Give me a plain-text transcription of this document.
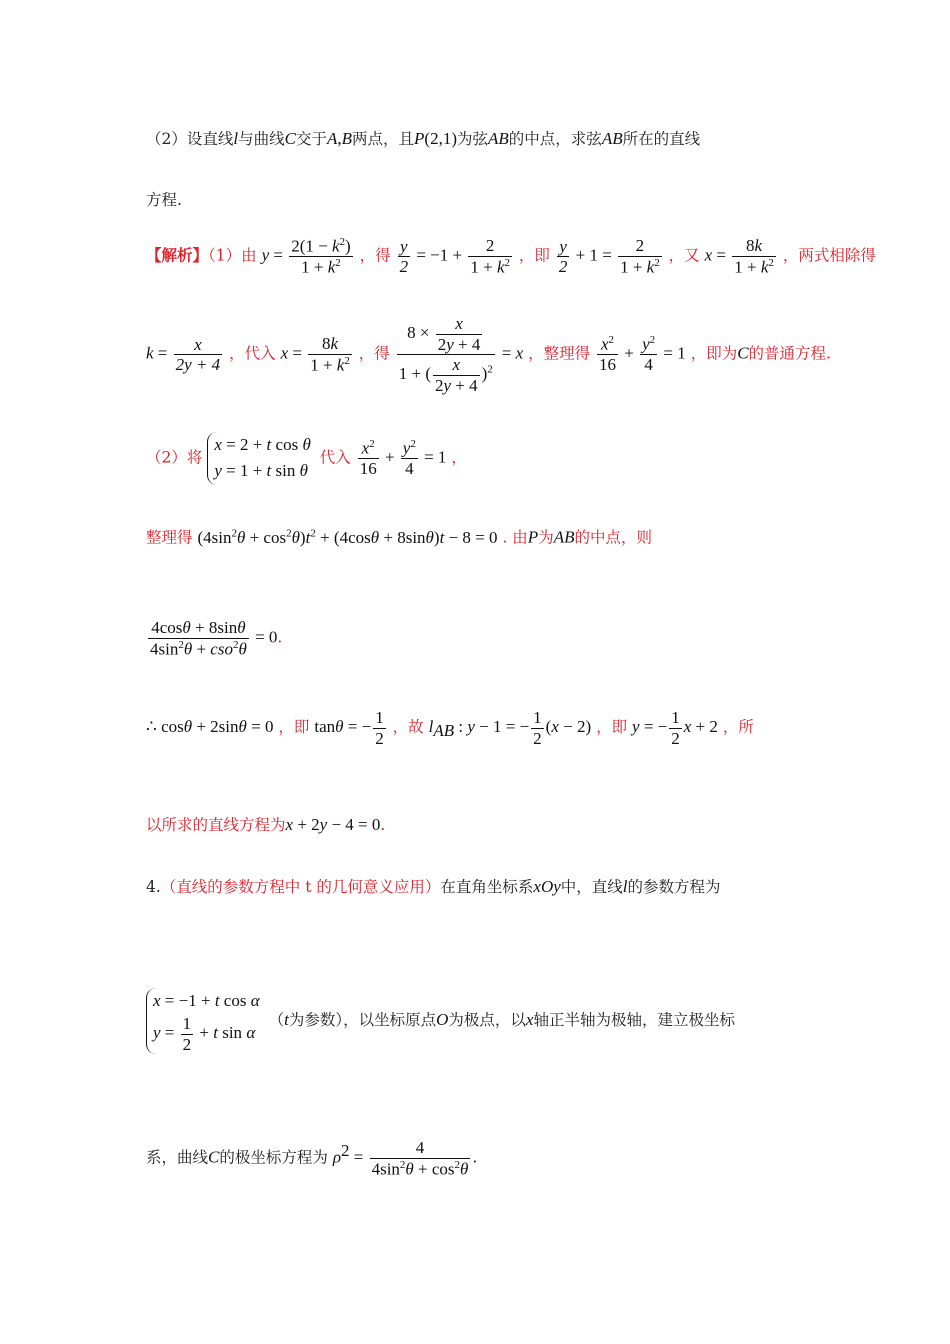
（2）设直线l与曲线C交于A,B两点，且P(2,1)为弦AB的中点，求弦AB所在的直线
方程.
【解析】（1）由 $y = \frac{2(1 - k^2)}{1 + k^2}$ ，得 $\frac{y}{2} = -1 + \frac{2}{1 + k^2}$ ，即 $\frac{y}{2} + 1 = \frac{2}{1 + k^2}$ ，又 $x = \frac{8k}{1 + k^2}$ ，两式相除得
$k = \frac{x}{2y + 4}$ ，代入 $x = \frac{8k}{1 + k^2}$ ，得 $\frac{8 \times \frac{x}{2y + 4}}{1 + ( \frac{x}{2y + 4} )^2} = x$ ，整理得 $\frac{x^2}{16} + \frac{y^2}{4} = 1$ ，即为C的普通方程.
（2）将
x = 2 + t cos θ
y = 1 + t sin θ
代入 $\frac{x^2}{16} + \frac{y^2}{4} = 1$ ，
整理得 $(4\sin^2\theta + \cos^2\theta)t^2 + (4\cos\theta + 8\sin\theta)t - 8 = 0$ . 由P为AB的中点，则
$\frac{4\cos\theta + 8\sin\theta}{4\sin^2\theta + cso^2\theta} = 0$.
∴ cosθ + 2sinθ = 0 ，即 tanθ = − $\frac{1}{2}$ ，故 $l_{AB}$ : y − 1 = − $\frac{1}{2} (x - 2)$ ，即 y = − $\frac{1}{2}$ x + 2 ，所
以所求的直线方程为x + 2y − 4 = 0.
4.（直线的参数方程中 t 的几何意义应用）在直角坐标系xOy中，直线l的参数方程为
x = −1 + t cos α
$y = \frac{1}{2} + t$ sin α
（t为参数），以坐标原点O为极点，以x轴正半轴为极轴，建立极坐标
系，曲线C的极坐标方程为 $\rho^2 = \frac{4}{4\sin^2\theta + \cos^2\theta}$ .
